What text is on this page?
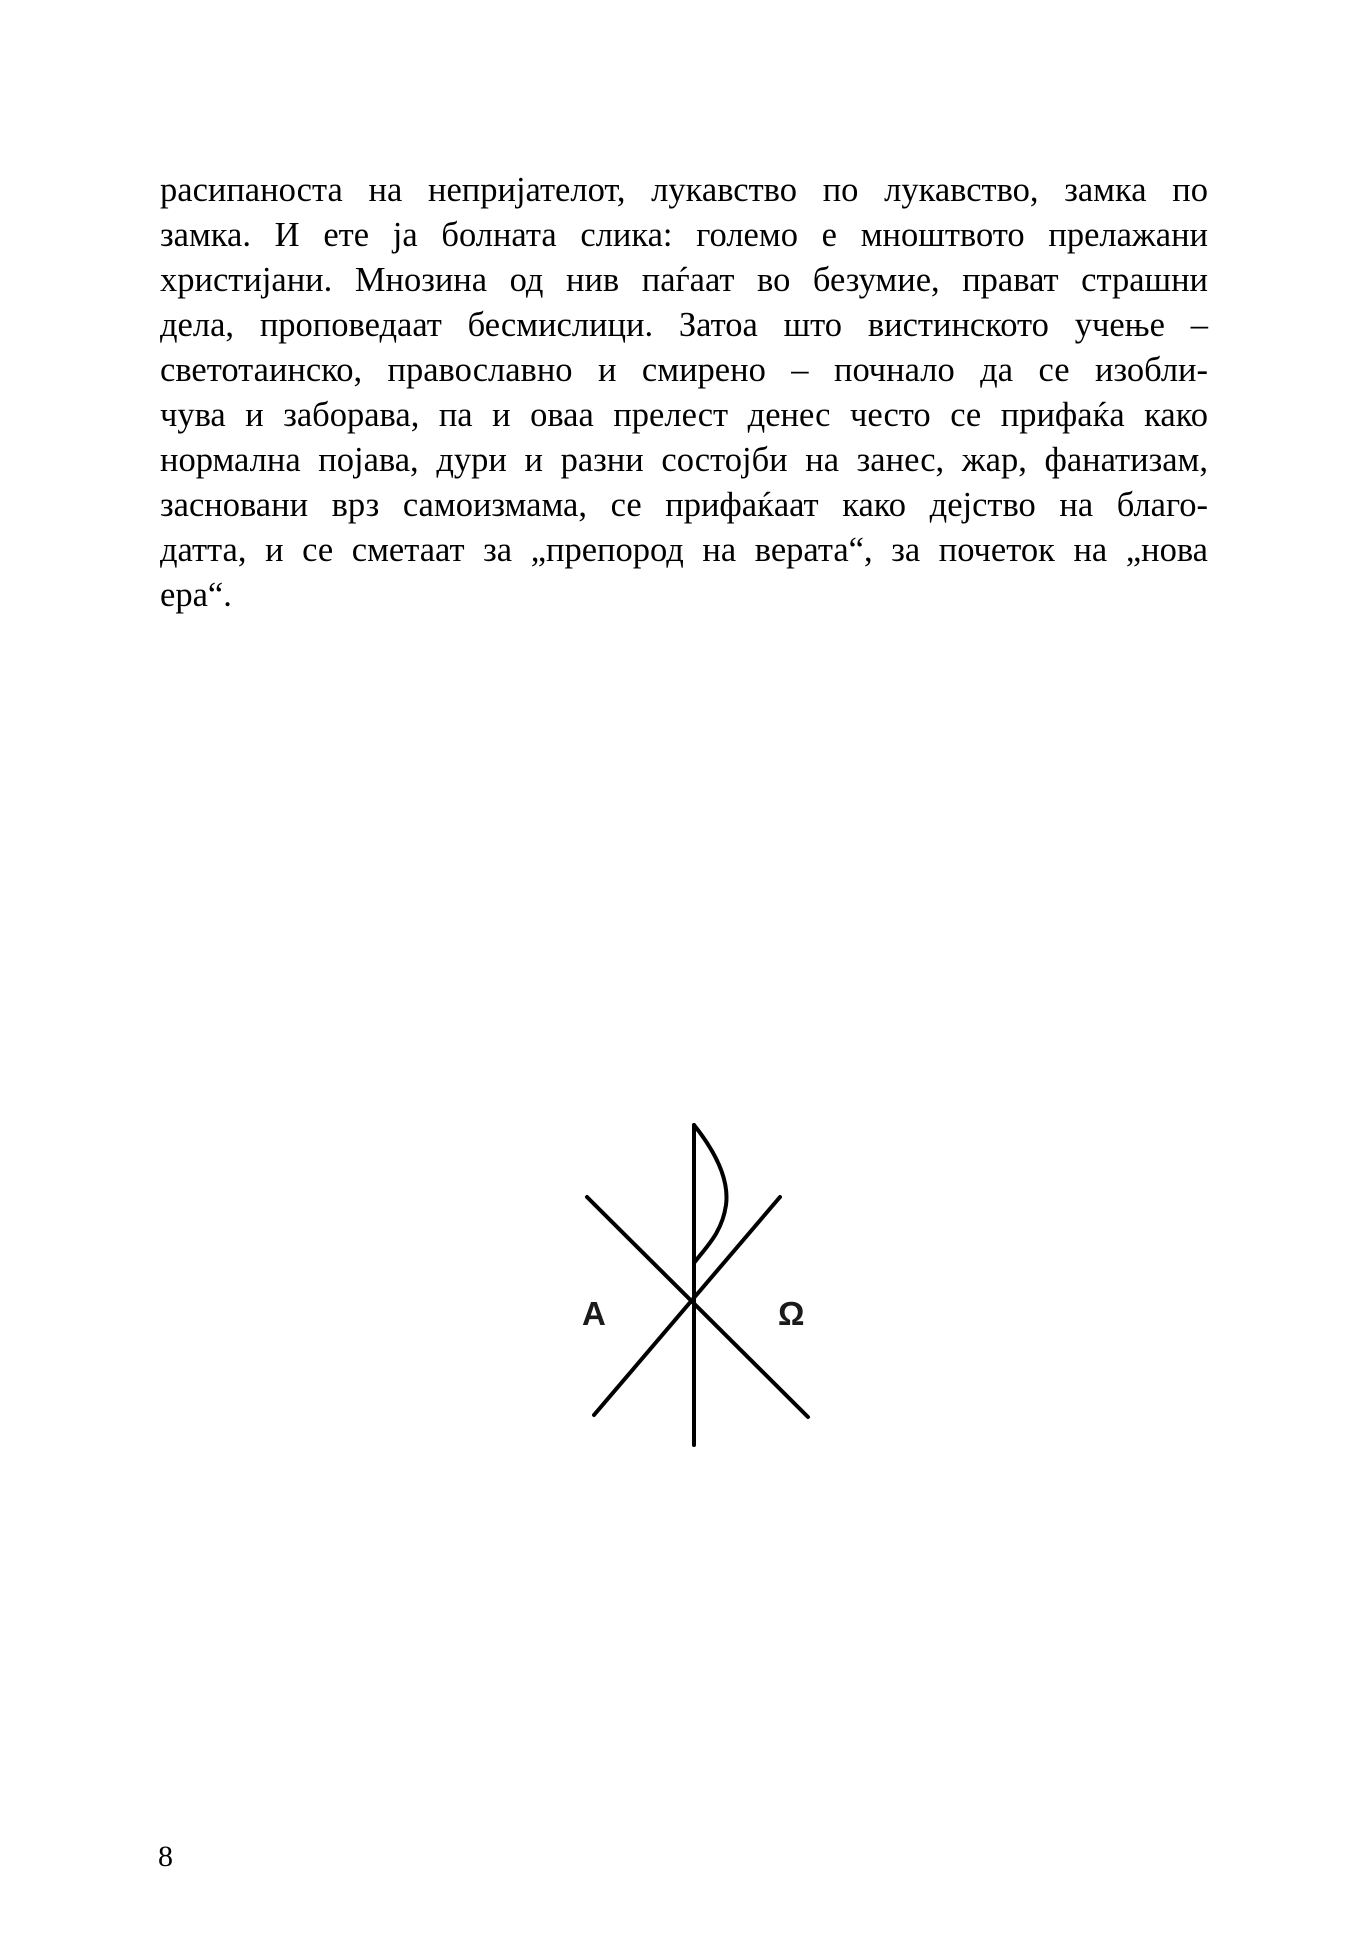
расипаноста на непријателот, лукавство по лукавство, замка по
замка. И ете ја болната слика: големо е мноштвото прелажани
христијани. Мнозина од нив паѓаат во безумие, прават страшни
дела, проповедаат бесмислици. Затоа што вистинското учење –
светотаинско, православно и смирено – почнало да се изобли-
чува и заборава, па и оваа прелест денес често се прифаќа како
нормална појава, дури и разни состојби на занес, жар, фанатизам,
засновани врз самоизмама, се прифаќаат како дејство на благо-
датта, и се сметаат за „препород на верата“, за почеток на „нова
ера“.

A	Ω
8
